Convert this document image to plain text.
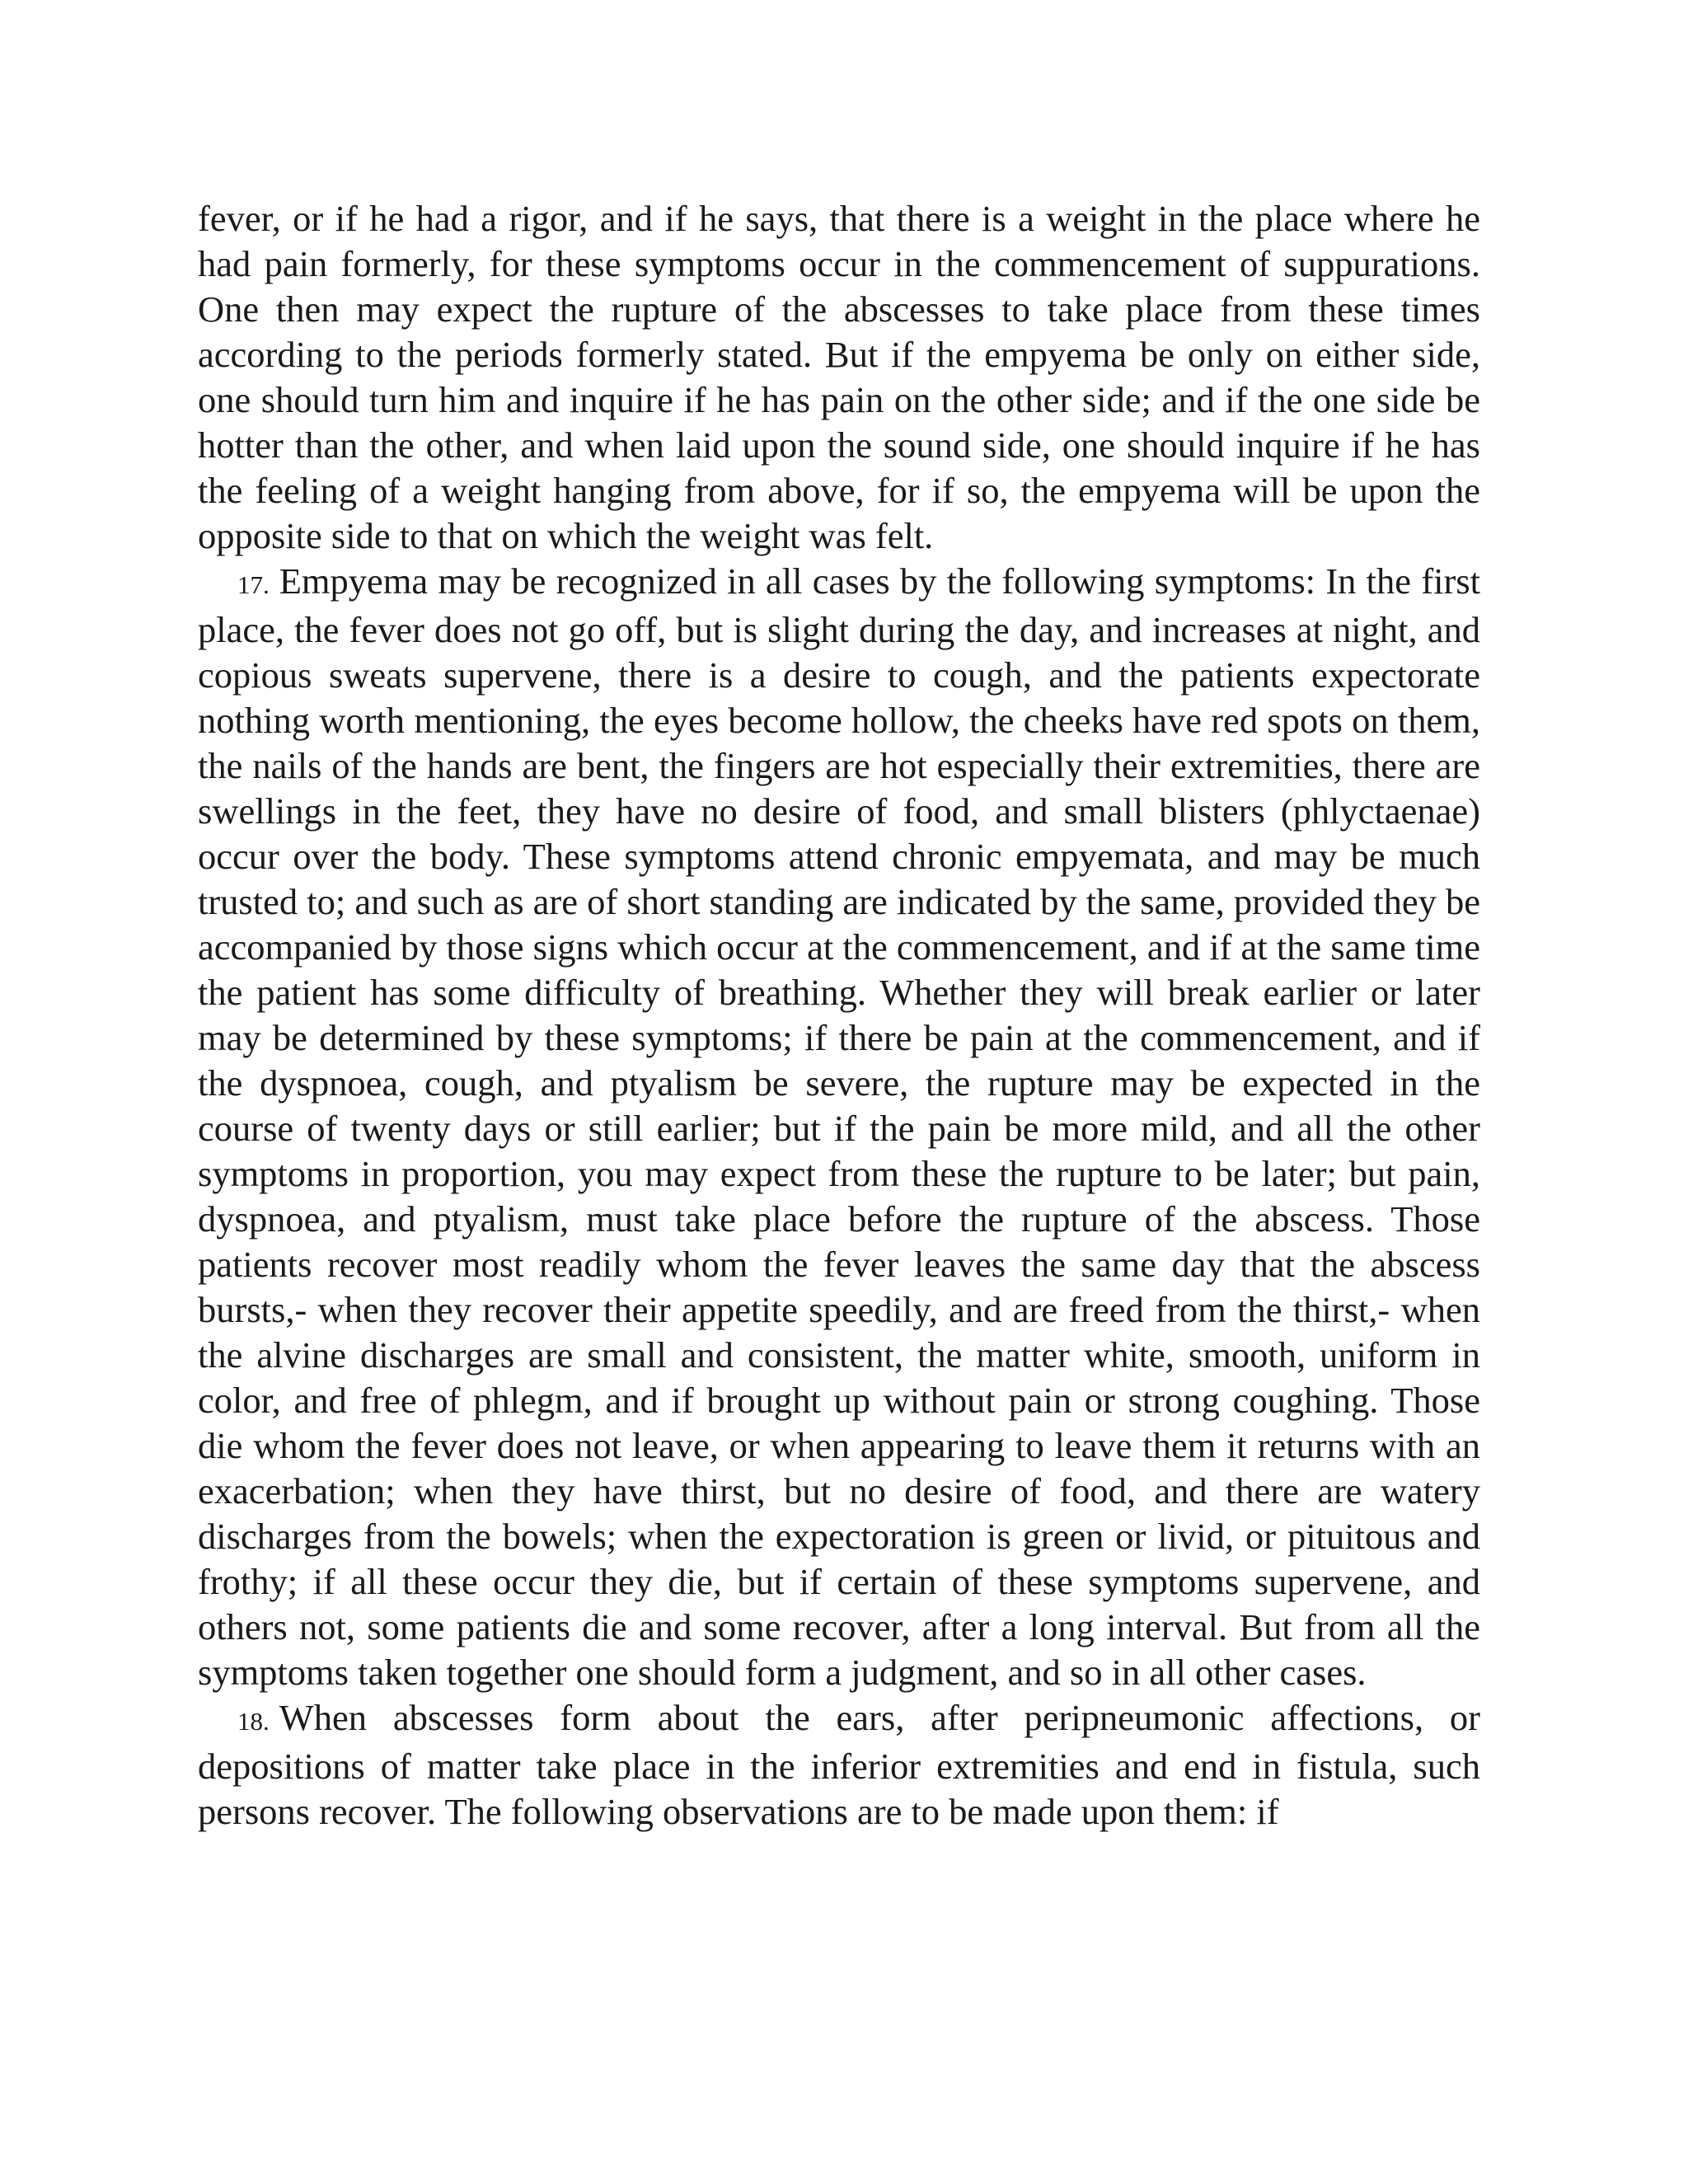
fever, or if he had a rigor, and if he says, that there is a weight in the place where he had pain formerly, for these symptoms occur in the commencement of suppurations. One then may expect the rupture of the abscesses to take place from these times according to the periods formerly stated. But if the empyema be only on either side, one should turn him and inquire if he has pain on the other side; and if the one side be hotter than the other, and when laid upon the sound side, one should inquire if he has the feeling of a weight hanging from above, for if so, the empyema will be upon the opposite side to that on which the weight was felt.

17. Empyema may be recognized in all cases by the following symptoms: In the first place, the fever does not go off, but is slight during the day, and increases at night, and copious sweats supervene, there is a desire to cough, and the patients expectorate nothing worth mentioning, the eyes become hollow, the cheeks have red spots on them, the nails of the hands are bent, the fingers are hot especially their extremities, there are swellings in the feet, they have no desire of food, and small blisters (phlyctaenae) occur over the body. These symptoms attend chronic empyemata, and may be much trusted to; and such as are of short standing are indicated by the same, provided they be accompanied by those signs which occur at the commencement, and if at the same time the patient has some difficulty of breathing. Whether they will break earlier or later may be determined by these symptoms; if there be pain at the commencement, and if the dyspnoea, cough, and ptyalism be severe, the rupture may be expected in the course of twenty days or still earlier; but if the pain be more mild, and all the other symptoms in proportion, you may expect from these the rupture to be later; but pain, dyspnoea, and ptyalism, must take place before the rupture of the abscess. Those patients recover most readily whom the fever leaves the same day that the abscess bursts,- when they recover their appetite speedily, and are freed from the thirst,- when the alvine discharges are small and consistent, the matter white, smooth, uniform in color, and free of phlegm, and if brought up without pain or strong coughing. Those die whom the fever does not leave, or when appearing to leave them it returns with an exacerbation; when they have thirst, but no desire of food, and there are watery discharges from the bowels; when the expectoration is green or livid, or pituitous and frothy; if all these occur they die, but if certain of these symptoms supervene, and others not, some patients die and some recover, after a long interval. But from all the symptoms taken together one should form a judgment, and so in all other cases.

18. When abscesses form about the ears, after peripneumonic affections, or depositions of matter take place in the inferior extremities and end in fistula, such persons recover. The following observations are to be made upon them: if
